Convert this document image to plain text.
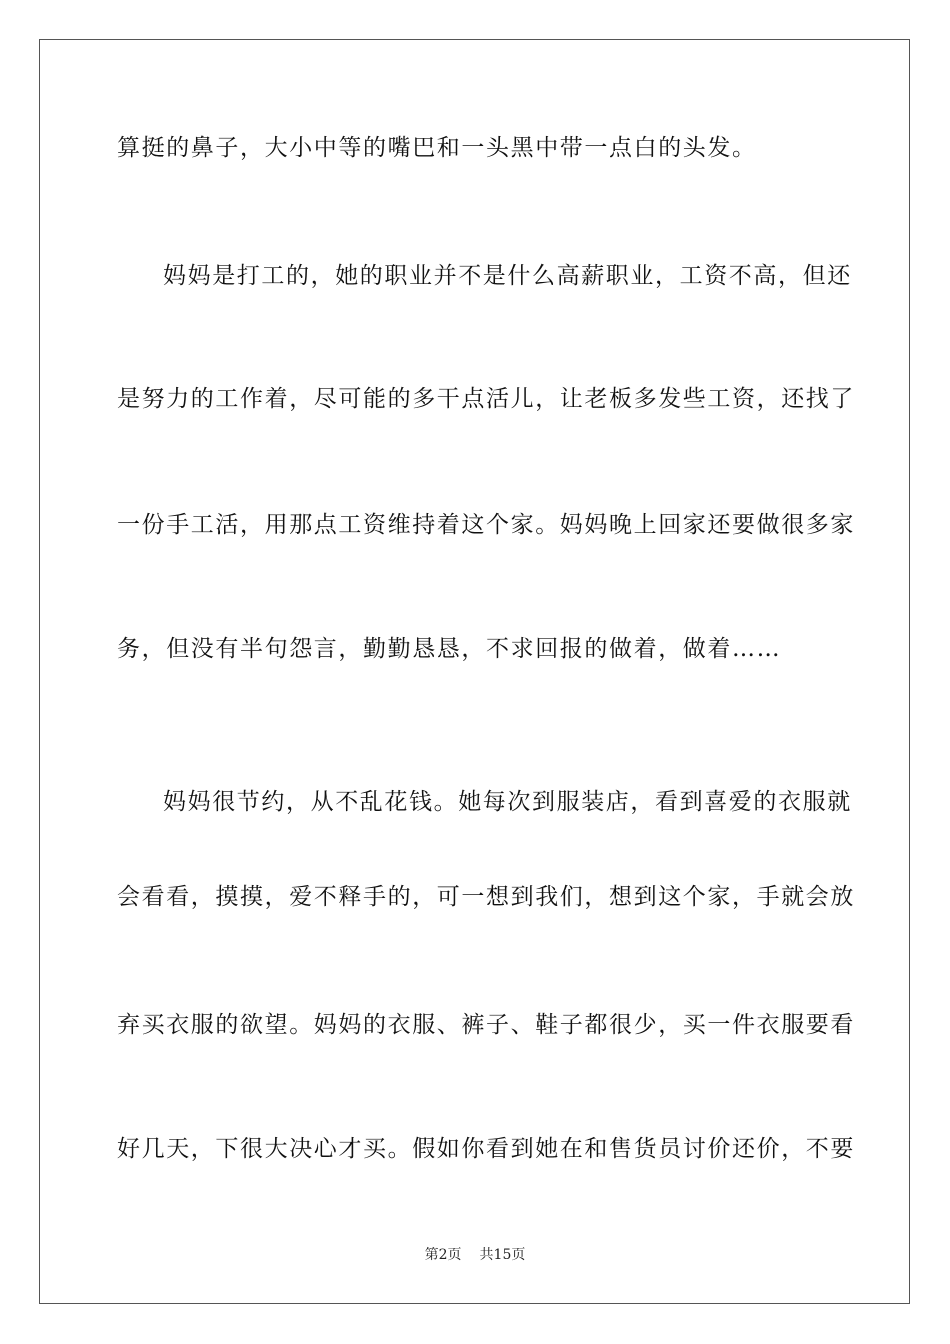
算挺的鼻子，大小中等的嘴巴和一头黑中带一点白的头发。
妈妈是打工的，她的职业并不是什么高薪职业，工资不高，但还
是努力的工作着，尽可能的多干点活儿，让老板多发些工资，还找了
一份手工活，用那点工资维持着这个家。妈妈晚上回家还要做很多家
务，但没有半句怨言，勤勤恳恳，不求回报的做着，做着……
妈妈很节约，从不乱花钱。她每次到服装店，看到喜爱的衣服就
会看看，摸摸，爱不释手的，可一想到我们，想到这个家，手就会放
弃买衣服的欲望。妈妈的衣服、裤子、鞋子都很少，买一件衣服要看
好几天，下很大决心才买。假如你看到她在和售货员讨价还价，不要
第2页 共15页
